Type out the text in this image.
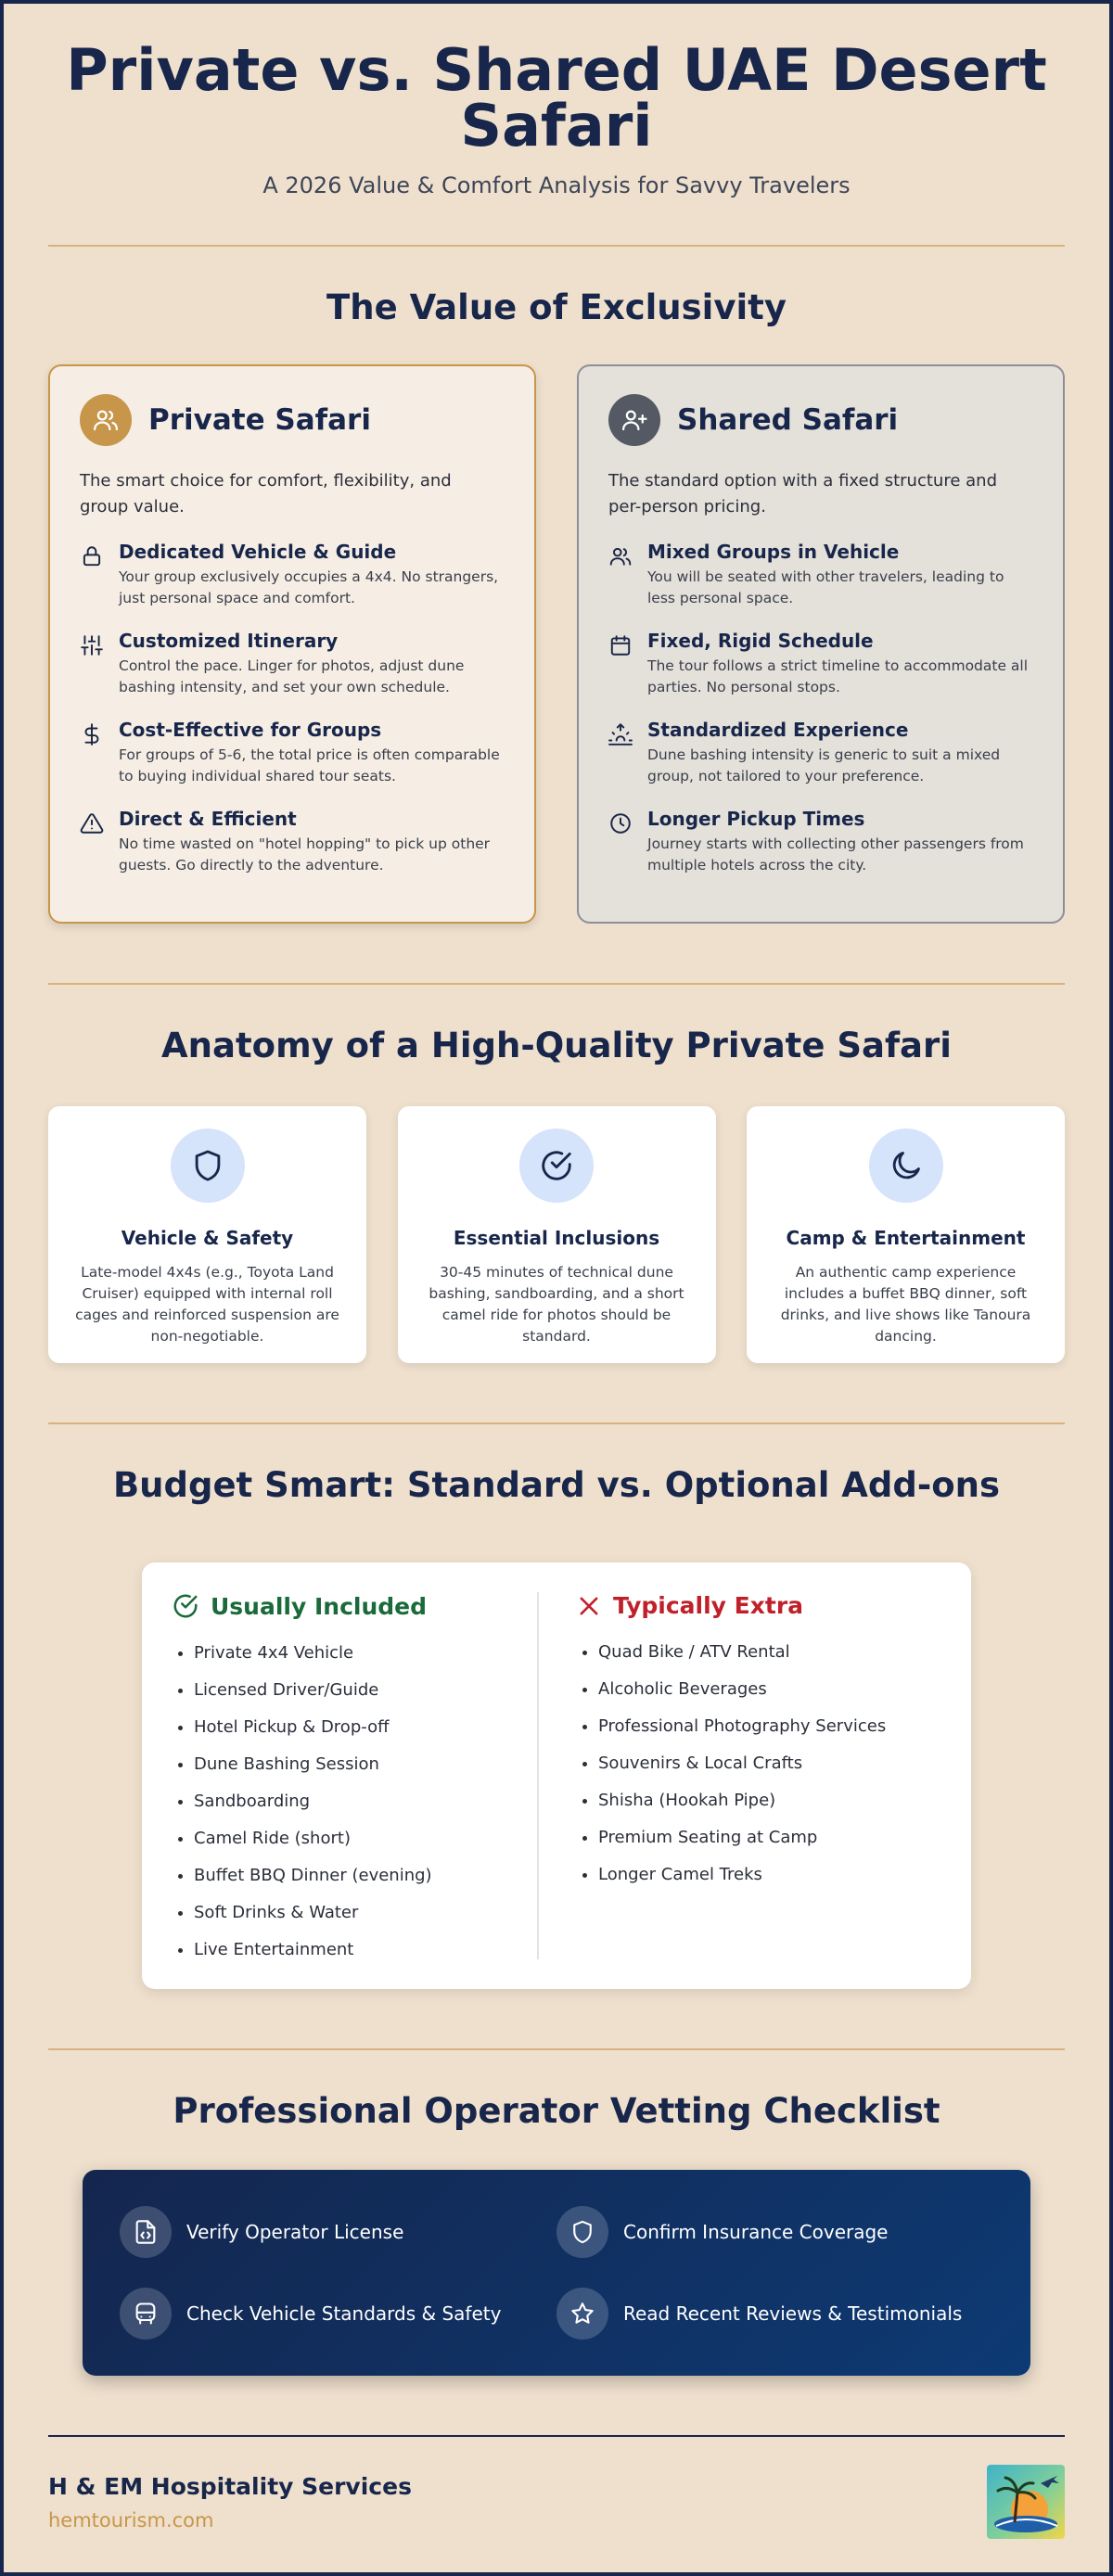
Private vs. Shared UAE Desert Safari
A 2026 Value & Comfort Analysis for Savvy Travelers
The Value of Exclusivity
Private Safari

The smart choice for comfort, flexibility, and group value.

Dedicated Vehicle & Guide

Your group exclusively occupies a 4x4. No strangers, just personal space and comfort.

Customized Itinerary

Control the pace. Linger for photos, adjust dune bashing intensity, and set your own schedule.

Cost-Effective for Groups

For groups of 5-6, the total price is often comparable to buying individual shared tour seats.

Direct & Efficient

No time wasted on "hotel hopping" to pick up other guests. Go directly to the adventure.

Shared Safari

The standard option with a fixed structure and per-person pricing.

Mixed Groups in Vehicle

You will be seated with other travelers, leading to less personal space.

Fixed, Rigid Schedule

The tour follows a strict timeline to accommodate all parties. No personal stops.

Standardized Experience

Dune bashing intensity is generic to suit a mixed group, not tailored to your preference.

Longer Pickup Times

Journey starts with collecting other passengers from multiple hotels across the city.

Anatomy of a High-Quality Private Safari
Vehicle & Safety

Late-model 4x4s (e.g., Toyota Land Cruiser) equipped with internal roll cages and reinforced suspension are non-negotiable.

Essential Inclusions

30-45 minutes of technical dune bashing, sandboarding, and a short camel ride for photos should be standard.

Camp & Entertainment

An authentic camp experience includes a buffet BBQ dinner, soft drinks, and live shows like Tanoura dancing.

Budget Smart: Standard vs. Optional Add-ons
Usually Included
• Private 4x4 Vehicle
• Licensed Driver/Guide
• Hotel Pickup & Drop-off
• Dune Bashing Session
• Sandboarding
• Camel Ride (short)
• Buffet BBQ Dinner (evening)
• Soft Drinks & Water
• Live Entertainment
Typically Extra
• Quad Bike / ATV Rental
• Alcoholic Beverages
• Professional Photography Services
• Souvenirs & Local Crafts
• Shisha (Hookah Pipe)
• Premium Seating at Camp
• Longer Camel Treks
Professional Operator Vetting Checklist
Verify Operator License	Confirm Insurance Coverage
Check Vehicle Standards & Safety	Read Recent Reviews & Testimonials
H & EM Hospitality Services
hemtourism.com
